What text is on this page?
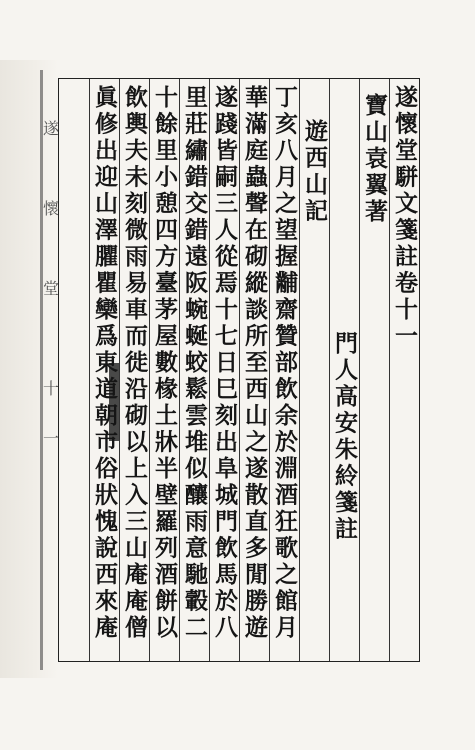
遂
懷
堂
十
一
遂懷堂駢文箋註卷十一
寶山袁翼著
門人高安朱紷箋註
遊西山記
丁亥八月之望握黼齋贊部飲余於淵酒狂歌之館月
華滿庭蟲聲在砌縱談所至西山之遂散直多閒勝遊
遂踐皆嗣三人從焉十七日巳刻出阜城門飲馬於八
里莊繡錯交錯遠阪蜿蜒蛟鬆雲堆似釀雨意馳轂二
十餘里小憩四方臺茅屋數椽土牀半壁羅列酒餅以
飲輿夫未刻微雨易車而徙沿砌以上入三山庵庵僧
眞修出迎山澤臞瞿欒爲東道朝市俗狀愧說西來庵
